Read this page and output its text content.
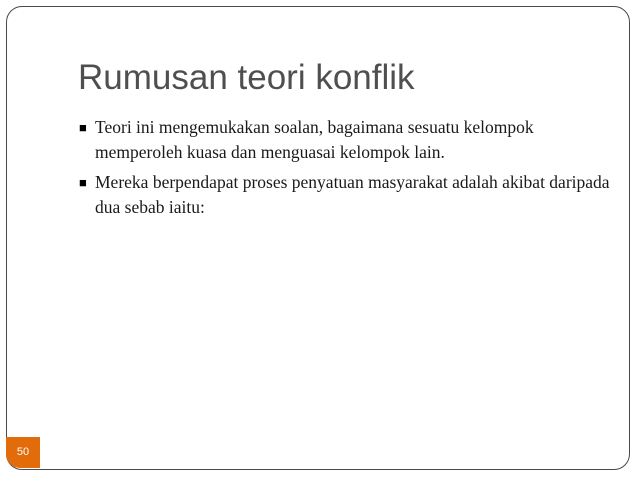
Rumusan teori konflik
■ Teori ini mengemukakan soalan, bagaimana sesuatu kelompok memperoleh kuasa dan menguasai kelompok lain.
■ Mereka berpendapat proses penyatuan masyarakat adalah akibat daripada dua sebab iaitu:
50
